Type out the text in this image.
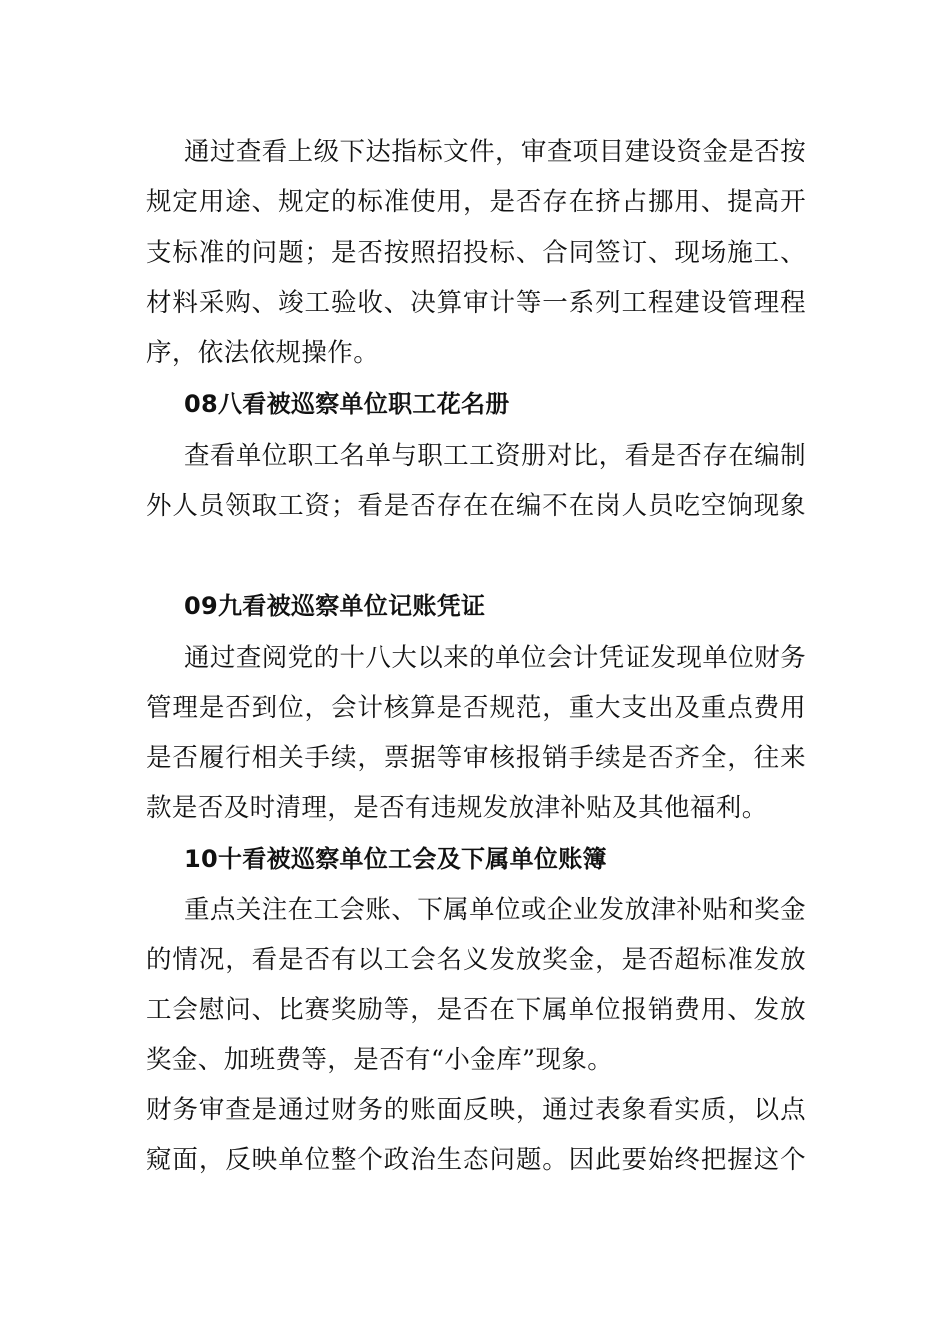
通过查看上级下达指标文件，审查项目建设资金是否按
规定用途、规定的标准使用，是否存在挤占挪用、提高开
支标准的问题；是否按照招投标、合同签订、现场施工、
材料采购、竣工验收、决算审计等一系列工程建设管理程
序，依法依规操作。
08八看被巡察单位职工花名册
查看单位职工名单与职工工资册对比，看是否存在编制
外人员领取工资；看是否存在在编不在岗人员吃空饷现象
09九看被巡察单位记账凭证
通过查阅党的十八大以来的单位会计凭证发现单位财务
管理是否到位，会计核算是否规范，重大支出及重点费用
是否履行相关手续，票据等审核报销手续是否齐全，往来
款是否及时清理，是否有违规发放津补贴及其他福利。
10十看被巡察单位工会及下属单位账簿
重点关注在工会账、下属单位或企业发放津补贴和奖金
的情况，看是否有以工会名义发放奖金，是否超标准发放
工会慰问、比赛奖励等，是否在下属单位报销费用、发放
奖金、加班费等，是否有“小金库”现象。
财务审查是通过财务的账面反映，通过表象看实质，以点
窥面，反映单位整个政治生态问题。因此要始终把握这个
